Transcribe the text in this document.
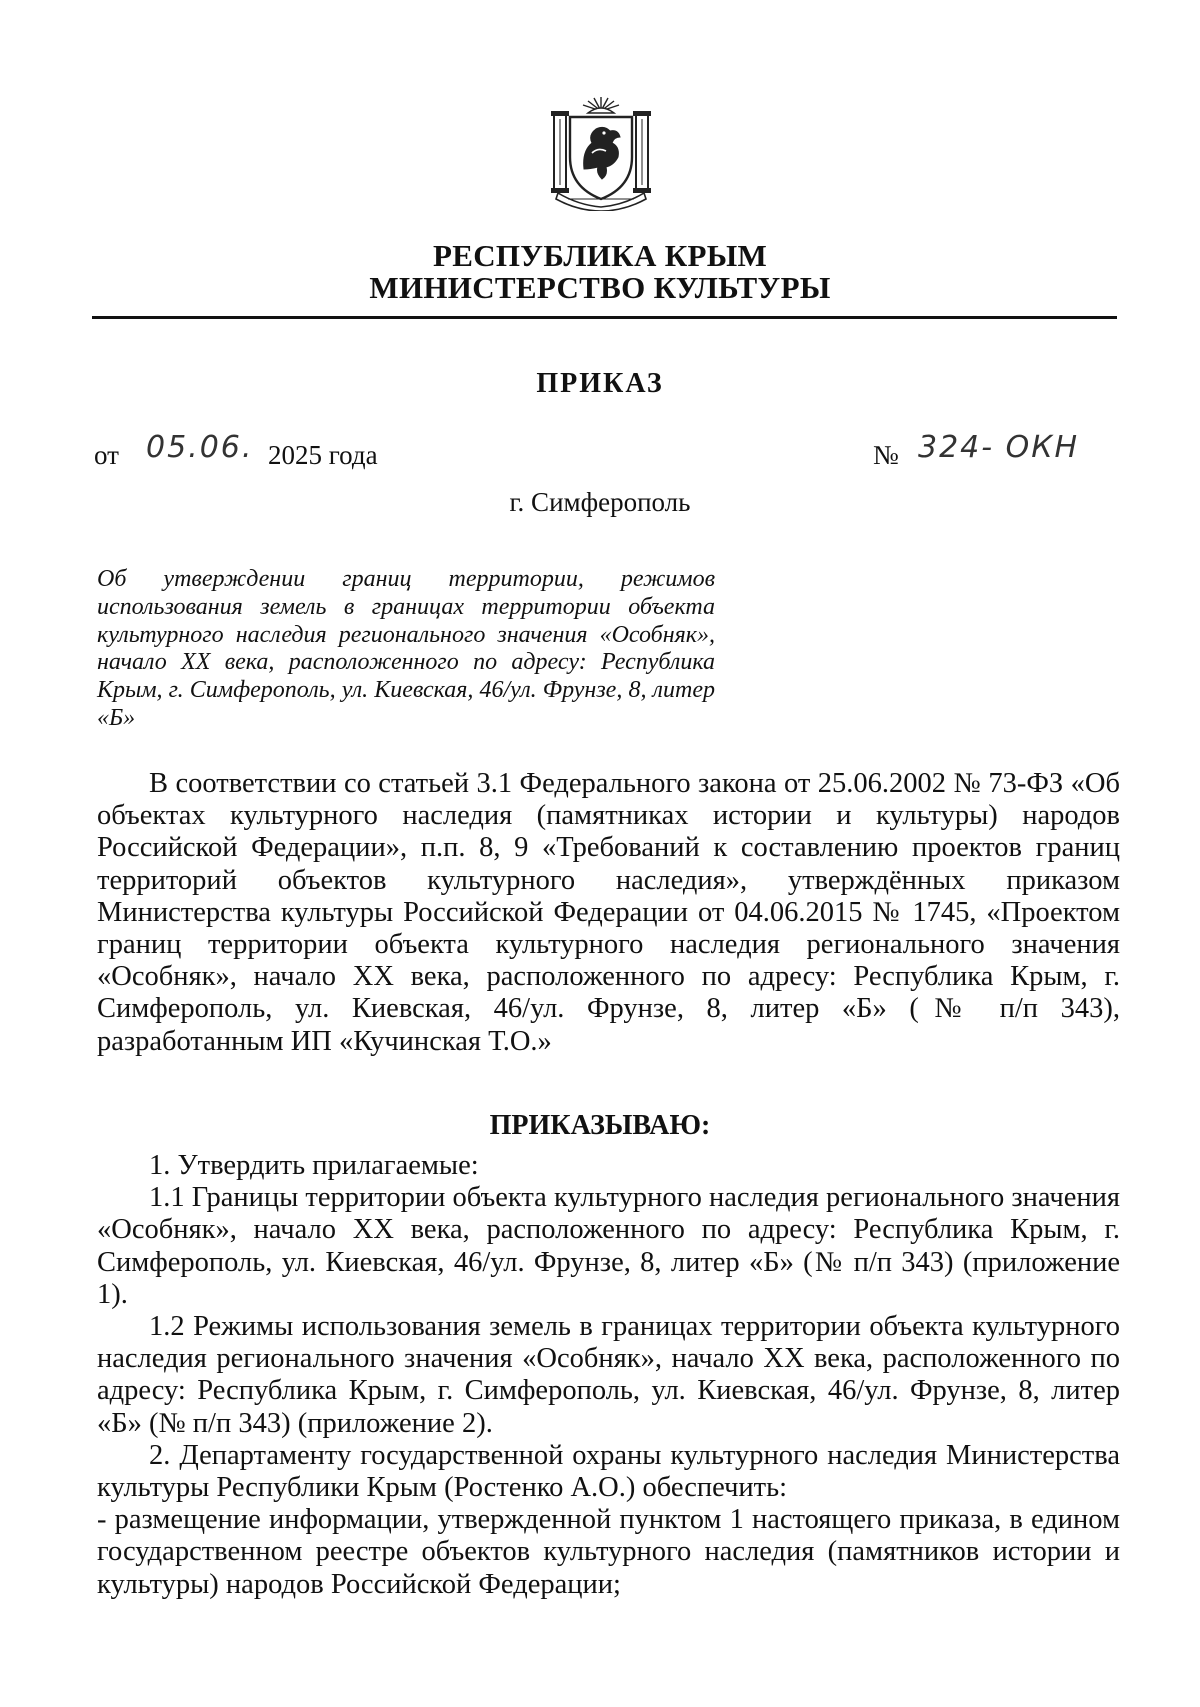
РЕСПУБЛИКА КРЫМ
МИНИСТЕРСТВО КУЛЬТУРЫ
ПРИКАЗ
от 05.06. 2025 года	№ 324- ОКН
г. Симферополь
Об утверждении границ территории, режимов использования земель в границах территории объекта культурного наследия регионального значения «Особняк», начало XX века, расположенного по адресу: Республика Крым, г. Симферополь, ул. Киевская, 46/ул. Фрунзе, 8, литер «Б»

В соответствии со статьей 3.1 Федерального закона от 25.06.2002 № 73-ФЗ «Об объектах культурного наследия (памятниках истории и культуры) народов Российской Федерации», п.п. 8, 9 «Требований к составлению проектов границ территорий объектов культурного наследия», утверждённых приказом Министерства культуры Российской Федерации от 04.06.2015 № 1745, «Проектом границ территории объекта культурного наследия регионального значения «Особняк», начало XX века, расположенного по адресу: Республика Крым, г. Симферополь, ул. Киевская, 46/ул. Фрунзе, 8, литер «Б» (№ п/п 343), разработанным ИП «Кучинская Т.О.»

ПРИКАЗЫВАЮ:

1. Утвердить прилагаемые:

1.1 Границы территории объекта культурного наследия регионального значения «Особняк», начало XX века, расположенного по адресу: Республика Крым, г. Симферополь, ул. Киевская, 46/ул. Фрунзе, 8, литер «Б» (№ п/п 343) (приложение 1).

1.2 Режимы использования земель в границах территории объекта культурного наследия регионального значения «Особняк», начало XX века, расположенного по адресу: Республика Крым, г. Симферополь, ул. Киевская, 46/ул. Фрунзе, 8, литер «Б» (№ п/п 343) (приложение 2).

2. Департаменту государственной охраны культурного наследия Министерства культуры Республики Крым (Ростенко А.О.) обеспечить:

- размещение информации, утвержденной пунктом 1 настоящего приказа, в едином государственном реестре объектов культурного наследия (памятников истории и культуры) народов Российской Федерации;
